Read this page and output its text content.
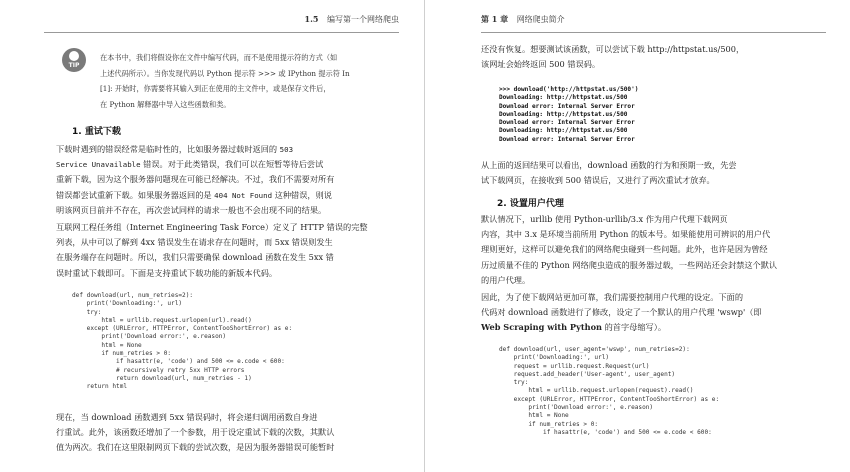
1.5 编写第一个网络爬虫
TIP
在本书中，我们将假设你在文件中编写代码，而不是使用提示符的方式（如
上述代码所示）。当你发现代码以 Python 提示符 >>> 或 IPython 提示符 In
[1]: 开始时，你需要将其输入到正在使用的主文件中，或是保存文件后，
在 Python 解释器中导入这些函数和类。
1. 重试下载
下载时遇到的错误经常是临时性的，比如服务器过载时返回的 503
Service Unavailable 错误。对于此类错误，我们可以在短暂等待后尝试
重新下载，因为这个服务器问题现在可能已经解决。不过，我们不需要对所有
错误都尝试重新下载。如果服务器返回的是 404 Not Found 这种错误，则说
明该网页目前并不存在，再次尝试同样的请求一般也不会出现不同的结果。
互联网工程任务组（Internet Engineering Task Force）定义了 HTTP 错误的完整
列表，从中可以了解到 4xx 错误发生在请求存在问题时，而 5xx 错误则发生
在服务端存在问题时。所以，我们只需要确保 download 函数在发生 5xx 错
误时重试下载即可。下面是支持重试下载功能的新版本代码。
def download(url, num_retries=2):
print('Downloading:', url)
try:
html = urllib.request.urlopen(url).read()
except (URLError, HTTPError, ContentTooShortError) as e:
print('Download error:', e.reason)
html = None
if num_retries > 0:
if hasattr(e, 'code') and 500 <= e.code < 600:
# recursively retry 5xx HTTP errors
return download(url, num_retries - 1)
return html
现在，当 download 函数遇到 5xx 错误码时，将会递归调用函数自身进
行重试。此外，该函数还增加了一个参数，用于设定重试下载的次数，其默认
值为两次。我们在这里限制网页下载的尝试次数，是因为服务器错误可能暂时
第 1 章 网络爬虫简介
还没有恢复。想要测试该函数，可以尝试下载 http://httpstat.us/500，
该网址会始终返回 500 错误码。
>>> download('http://httpstat.us/500')
Downloading: http://httpstat.us/500
Download error: Internal Server Error
Downloading: http://httpstat.us/500
Download error: Internal Server Error
Downloading: http://httpstat.us/500
Download error: Internal Server Error
从上面的返回结果可以看出，download 函数的行为和预期一致，先尝
试下载网页，在接收到 500 错误后，又进行了两次重试才放弃。
2. 设置用户代理
默认情况下，urllib 使用 Python-urllib/3.x 作为用户代理下载网页
内容，其中 3.x 是环境当前所用 Python 的版本号。如果能使用可辨识的用户代
理则更好，这样可以避免我们的网络爬虫碰到一些问题。此外，也许是因为曾经
历过质量不佳的 Python 网络爬虫造成的服务器过载，一些网站还会封禁这个默认
的用户代理。
因此，为了使下载网站更加可靠，我们需要控制用户代理的设定。下面的
代码对 download 函数进行了修改，设定了一个默认的用户代理 'wswp'（即
Web Scraping with Python 的首字母缩写）。
def download(url, user_agent='wswp', num_retries=2):
print('Downloading:', url)
request = urllib.request.Request(url)
request.add_header('User-agent', user_agent)
try:
html = urllib.request.urlopen(request).read()
except (URLError, HTTPError, ContentTooShortError) as e:
print('Download error:', e.reason)
html = None
if num_retries > 0:
if hasattr(e, 'code') and 500 <= e.code < 600:
